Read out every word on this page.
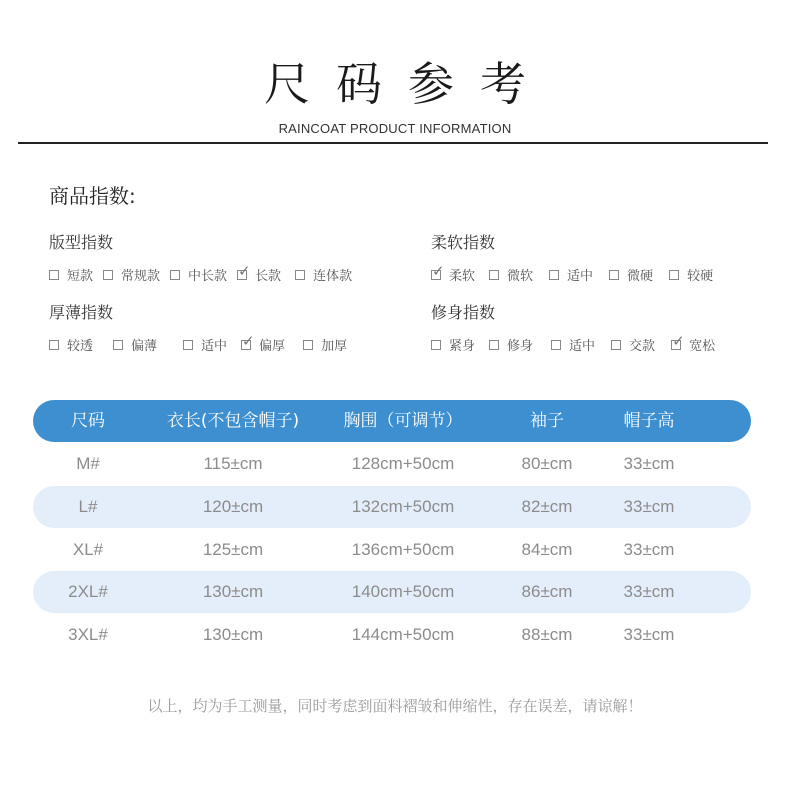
尺码参考
RAINCOAT PRODUCT INFORMATION
商品指数:
版型指数
短款 常规款 中长款 ✓ 长款 连体款
柔软指数
✓
柔软 微软	适中	微硬	较硬
厚薄指数
较透	偏薄	适中 ✓ 偏厚	加厚
修身指数
紧身 修身	适中	交款 ✓	宽松
尺码	衣长(不包含帽子)	胸围（可调节）	袖子	帽子高
M#	115±cm	128cm+50cm	80±cm	33±cm
L#	120±cm	132cm+50cm	82±cm	33±cm
XL#	125±cm	136cm+50cm	84±cm	33±cm
2XL#	130±cm	140cm+50cm	86±cm	33±cm
3XL#	130±cm	144cm+50cm	88±cm	33±cm
以上，均为手工测量，同时考虑到面料褶皱和伸缩性，存在误差，请谅解！
